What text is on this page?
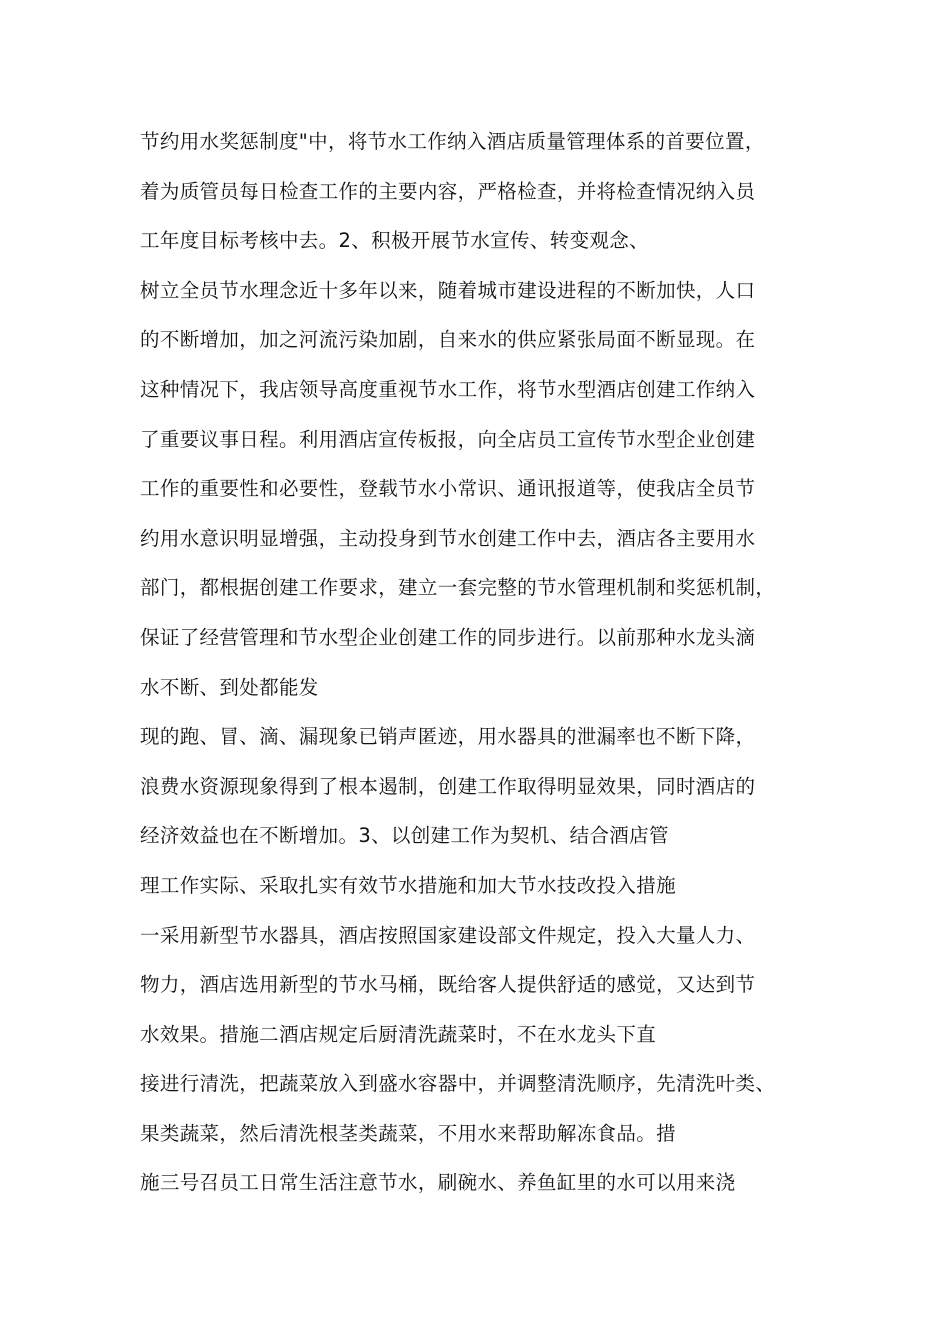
节约用水奖惩制度"中，将节水工作纳入酒店质量管理体系的首要位置，
着为质管员每日检查工作的主要内容，严格检查，并将检查情况纳入员
工年度目标考核中去。2、积极开展节水宣传、转变观念、
树立全员节水理念近十多年以来，随着城市建设进程的不断加快，人口
的不断增加，加之河流污染加剧，自来水的供应紧张局面不断显现。在
这种情况下，我店领导高度重视节水工作，将节水型酒店创建工作纳入
了重要议事日程。利用酒店宣传板报，向全店员工宣传节水型企业创建
工作的重要性和必要性，登载节水小常识、通讯报道等，使我店全员节
约用水意识明显增强，主动投身到节水创建工作中去，酒店各主要用水
部门，都根据创建工作要求，建立一套完整的节水管理机制和奖惩机制，
保证了经营管理和节水型企业创建工作的同步进行。以前那种水龙头滴
水不断、到处都能发
现的跑、冒、滴、漏现象已销声匿迹，用水器具的泄漏率也不断下降，
浪费水资源现象得到了根本遏制，创建工作取得明显效果，同时酒店的
经济效益也在不断增加。3、以创建工作为契机、结合酒店管
理工作实际、采取扎实有效节水措施和加大节水技改投入措施
一采用新型节水器具，酒店按照国家建设部文件规定，投入大量人力、
物力，酒店选用新型的节水马桶，既给客人提供舒适的感觉，又达到节
水效果。措施二酒店规定后厨清洗蔬菜时，不在水龙头下直
接进行清洗，把蔬菜放入到盛水容器中，并调整清洗顺序，先清洗叶类、
果类蔬菜，然后清洗根茎类蔬菜，不用水来帮助解冻食品。措
施三号召员工日常生活注意节水，刷碗水、养鱼缸里的水可以用来浇
